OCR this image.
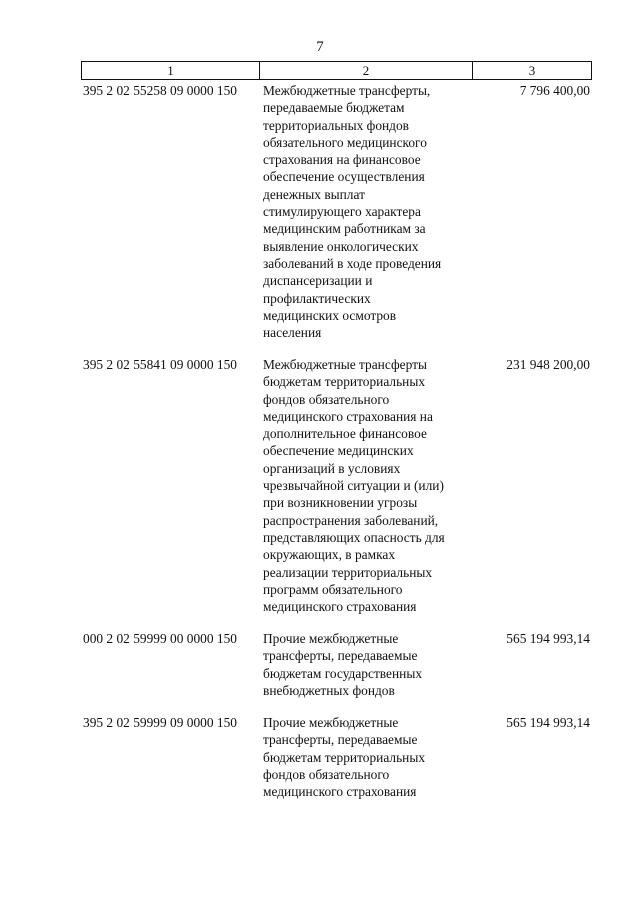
7
1	2	3
395 2 02 55258 09 0000 150 Межбюджетные трансферты,
передаваемые бюджетам
территориальных фондов
обязательного медицинского
страхования на финансовое
обеспечение осуществления
денежных выплат
стимулирующего характера
медицинским работникам за
выявление онкологических
заболеваний в ходе проведения
диспансеризации и
профилактических
медицинских осмотров
населения
7 796 400,00
395 2 02 55841 09 0000 150 Межбюджетные трансферты
бюджетам территориальных
фондов обязательного
медицинского страхования на
дополнительное финансовое
обеспечение медицинских
организаций в условиях
чрезвычайной ситуации и (или)
при возникновении угрозы
распространения заболеваний,
представляющих опасность для
окружающих, в рамках
реализации территориальных
программ обязательного
медицинского страхования
231 948 200,00
000 2 02 59999 00 0000 150 Прочие межбюджетные
трансферты, передаваемые
бюджетам государственных
внебюджетных фондов
565 194 993,14
395 2 02 59999 09 0000 150 Прочие межбюджетные
трансферты, передаваемые
бюджетам территориальных
фондов обязательного
медицинского страхования
565 194 993,14
